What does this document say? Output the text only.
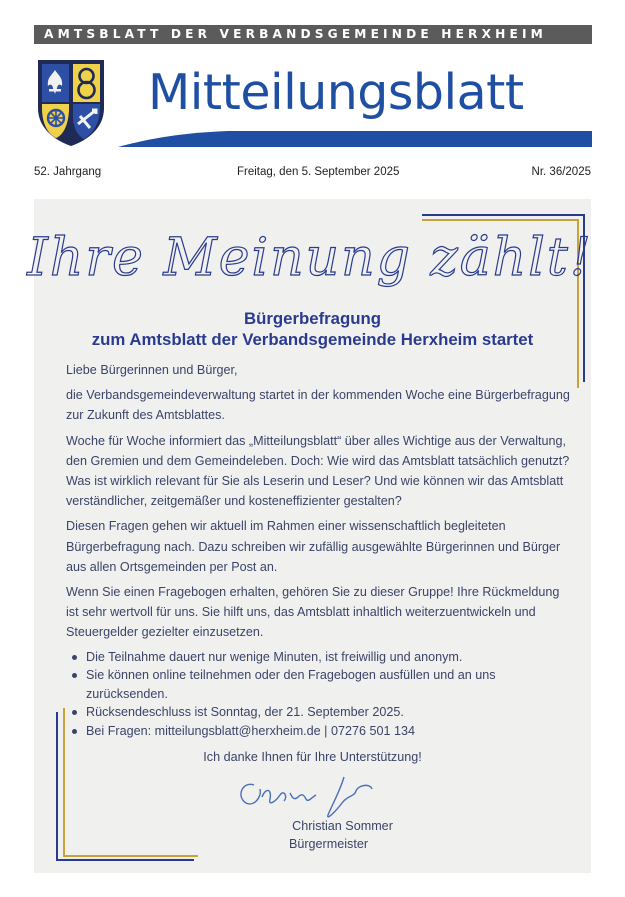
AMTSBLATT DER VERBANDSGEMEINDE HERXHEIM
Mitteilungsblatt
52. Jahrgang	Freitag, den 5. September 2025	Nr. 36/2025
Ihre Meinung zählt!
Bürgerbefragung
zum Amtsblatt der Verbandsgemeinde Herxheim startet

Liebe Bürgerinnen und Bürger,

die Verbandsgemeindeverwaltung startet in der kommenden Woche eine Bürgerbefragung zur Zukunft des Amtsblattes.

Woche für Woche informiert das „Mitteilungsblatt“ über alles Wichtige aus der Verwaltung, den Gremien und dem Gemeindeleben. Doch: Wie wird das Amtsblatt tatsächlich genutzt? Was ist wirklich relevant für Sie als Leserin und Leser? Und wie können wir das Amtsblatt verständlicher, zeitgemäßer und kosteneffizienter gestalten?

Diesen Fragen gehen wir aktuell im Rahmen einer wissenschaftlich begleiteten Bürgerbefragung nach. Dazu schreiben wir zufällig ausgewählte Bürgerinnen und Bürger aus allen Ortsgemeinden per Post an.

Wenn Sie einen Fragebogen erhalten, gehören Sie zu dieser Gruppe! Ihre Rückmeldung ist sehr wertvoll für uns. Sie hilft uns, das Amtsblatt inhaltlich weiterzuentwickeln und Steuergelder gezielter einzusetzen.

Die Teilnahme dauert nur wenige Minuten, ist freiwillig und anonym.
Sie können online teilnehmen oder den Fragebogen ausfüllen und an uns zurücksenden.
Rücksendeschluss ist Sonntag, der 21. September 2025.
Bei Fragen: mitteilungsblatt@herxheim.de | 07276 501 134
Ich danke Ihnen für Ihre Unterstützung!
Christian Sommer
Bürgermeister
